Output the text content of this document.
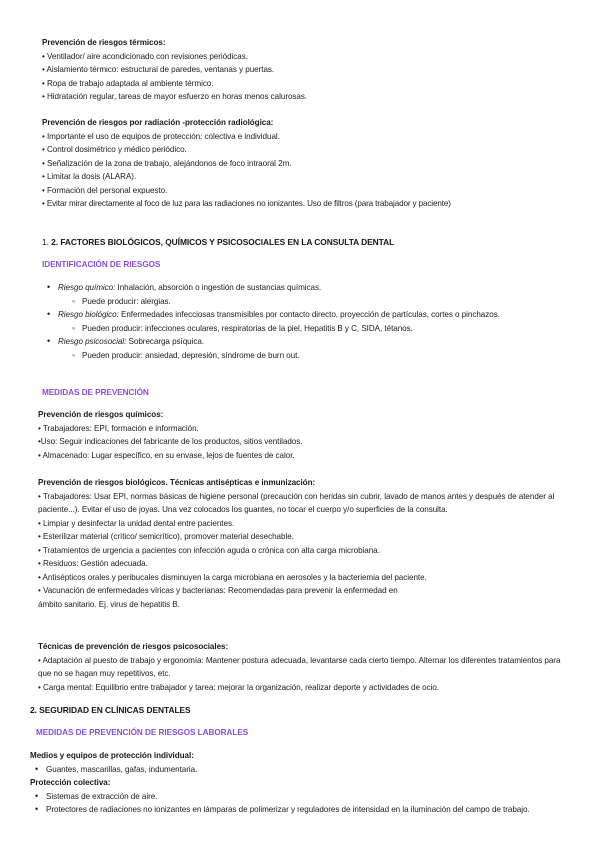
Prevención de riesgos térmicos:
• Ventilador/ aire acondicionado con revisiones periódicas.
• Aislamiento térmico: estructural de paredes, ventanas y puertas.
• Ropa de trabajo adaptada al ambiente térmico.
• Hidratación regular, tareas de mayor esfuerzo en horas menos calurosas.
Prevención de riesgos por radiación -protección radiológica:
• Importante el uso de equipos de protección: colectiva e individual.
• Control dosimétrico y médico periódico.
• Señalización de la zona de trabajo, alejándonos de foco intraoral 2m.
• Limitar la dosis (ALARA).
• Formación del personal expuesto.
• Evitar mirar directamente al foco de luz para las radiaciones no ionizantes. Uso de filtros (para trabajador y paciente)
1. 2. FACTORES BIOLÓGICOS, QUÍMICOS Y PSICOSOCIALES EN LA CONSULTA DENTAL
IDENTIFICACIÓN DE RIESGOS
• Riesgo químico: Inhalación, absorción o ingestión de sustancias químicas.
◦ Puede producir: alergias.
• Riesgo biológico: Enfermedades infecciosas transmisibles por contacto directo, proyección de partículas, cortes o pinchazos.
◦ Pueden producir: infecciones oculares, respiratorias de la piel, Hepatitis B y C, SIDA, tétanos.
• Riesgo psicosocial: Sobrecarga psíquica.
◦ Pueden producir: ansiedad, depresión, síndrome de burn out.
MEDIDAS DE PREVENCIÓN
Prevención de riesgos químicos:
• Trabajadores: EPI, formación e información.
•Uso: Seguir indicaciones del fabricante de los productos, sitios ventilados.
• Almacenado: Lugar específico, en su envase, lejos de fuentes de calor.
Prevención de riesgos biológicos. Técnicas antisépticas e inmunización:
• Trabajadores: Usar EPI, normas básicas de higiene personal (precaución con heridas sin cubrir, lavado de manos antes y después de atender al paciente...). Evitar el uso de joyas. Una vez colocados los guantes, no tocar el cuerpo y/o superficies de la consulta.
• Limpiar y desinfectar la unidad dental entre pacientes.
• Esterilizar material (crítico/ semicrítico), promover material desechable.
• Tratamientos de urgencia a pacientes con infección aguda o crónica con alta carga microbiana.
• Residuos: Gestión adecuada.
• Antisépticos orales y peribucales disminuyen la carga microbiana en aerosoles y la bacteriemia del paciente.
• Vacunación de enfermedades víricas y bacterianas: Recomendadas para prevenir la enfermedad en
ámbito sanitario. Ej. virus de hepatitis B.
Técnicas de prevención de riesgos psicosociales:
• Adaptación al puesto de trabajo y ergonomía: Mantener postura adecuada, levantarse cada cierto tiempo. Alternar los diferentes tratamientos para que no se hagan muy repetitivos, etc.
• Carga mental: Equilibrio entre trabajador y tarea: mejorar la organización, realizar deporte y actividades de ocio.
2. SEGURIDAD EN CLÍNICAS DENTALES
MEDIDAS DE PREVENCIÓN DE RIESGOS LABORALES
Medios y equipos de protección individual:
• Guantes, mascarillas, gafas, indumentaria.
Protección colectiva:
• Sistemas de extracción de aire.
• Protectores de radiaciones no ionizantes en lámparas de polimerizar y reguladores de intensidad en la iluminación del campo de trabajo.
